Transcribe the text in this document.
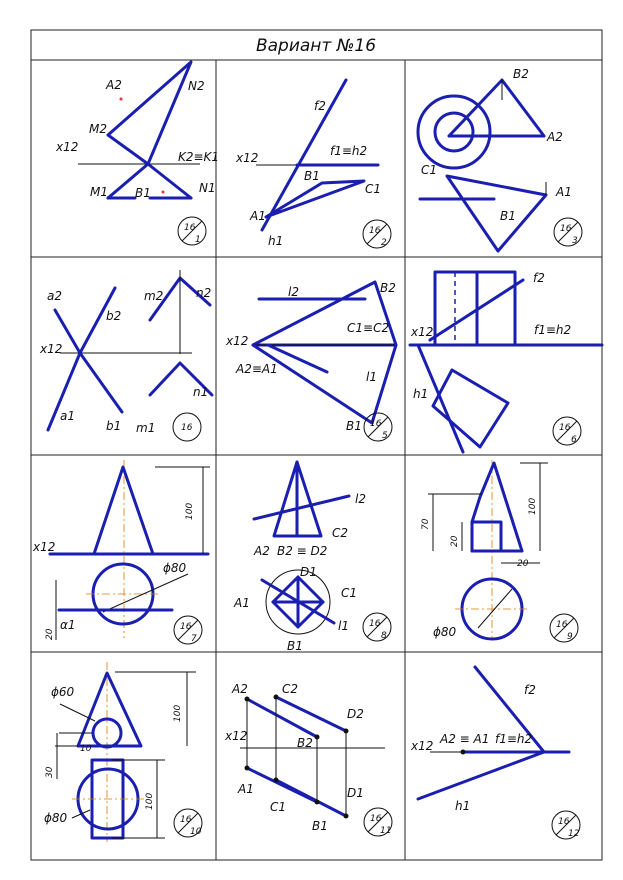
Вариант №16
A2	N2
M2
x12
K2≡K1
M1 B1	N1
16
1
f2
x12	f1≡h2
B1
C1
A1
h1
16
2
B2
A2
C1
A1
B1
16
3
a2
b2
m2	n2
x12
a1
b1 m1
n1
16
l2	B2
x12
C1≡C2
A2≡A1
l1
B1 16
5
f2
x12	f1≡h2
h1
16
6
100
ϕ80
20
x12
α1	16
7
l2
C2
A2 B2 ≡ D2
D1
C1
A1
l1
B1
16
8
70
20
100
20
ϕ80	16
9
ϕ60
100
10
30
100
ϕ80	16
10
A2	C2
D2
x12	B2
A1
C1
D1
B1	16
11
f2
x12 A2 ≡ A1 f1≡h2
h1
16
12
